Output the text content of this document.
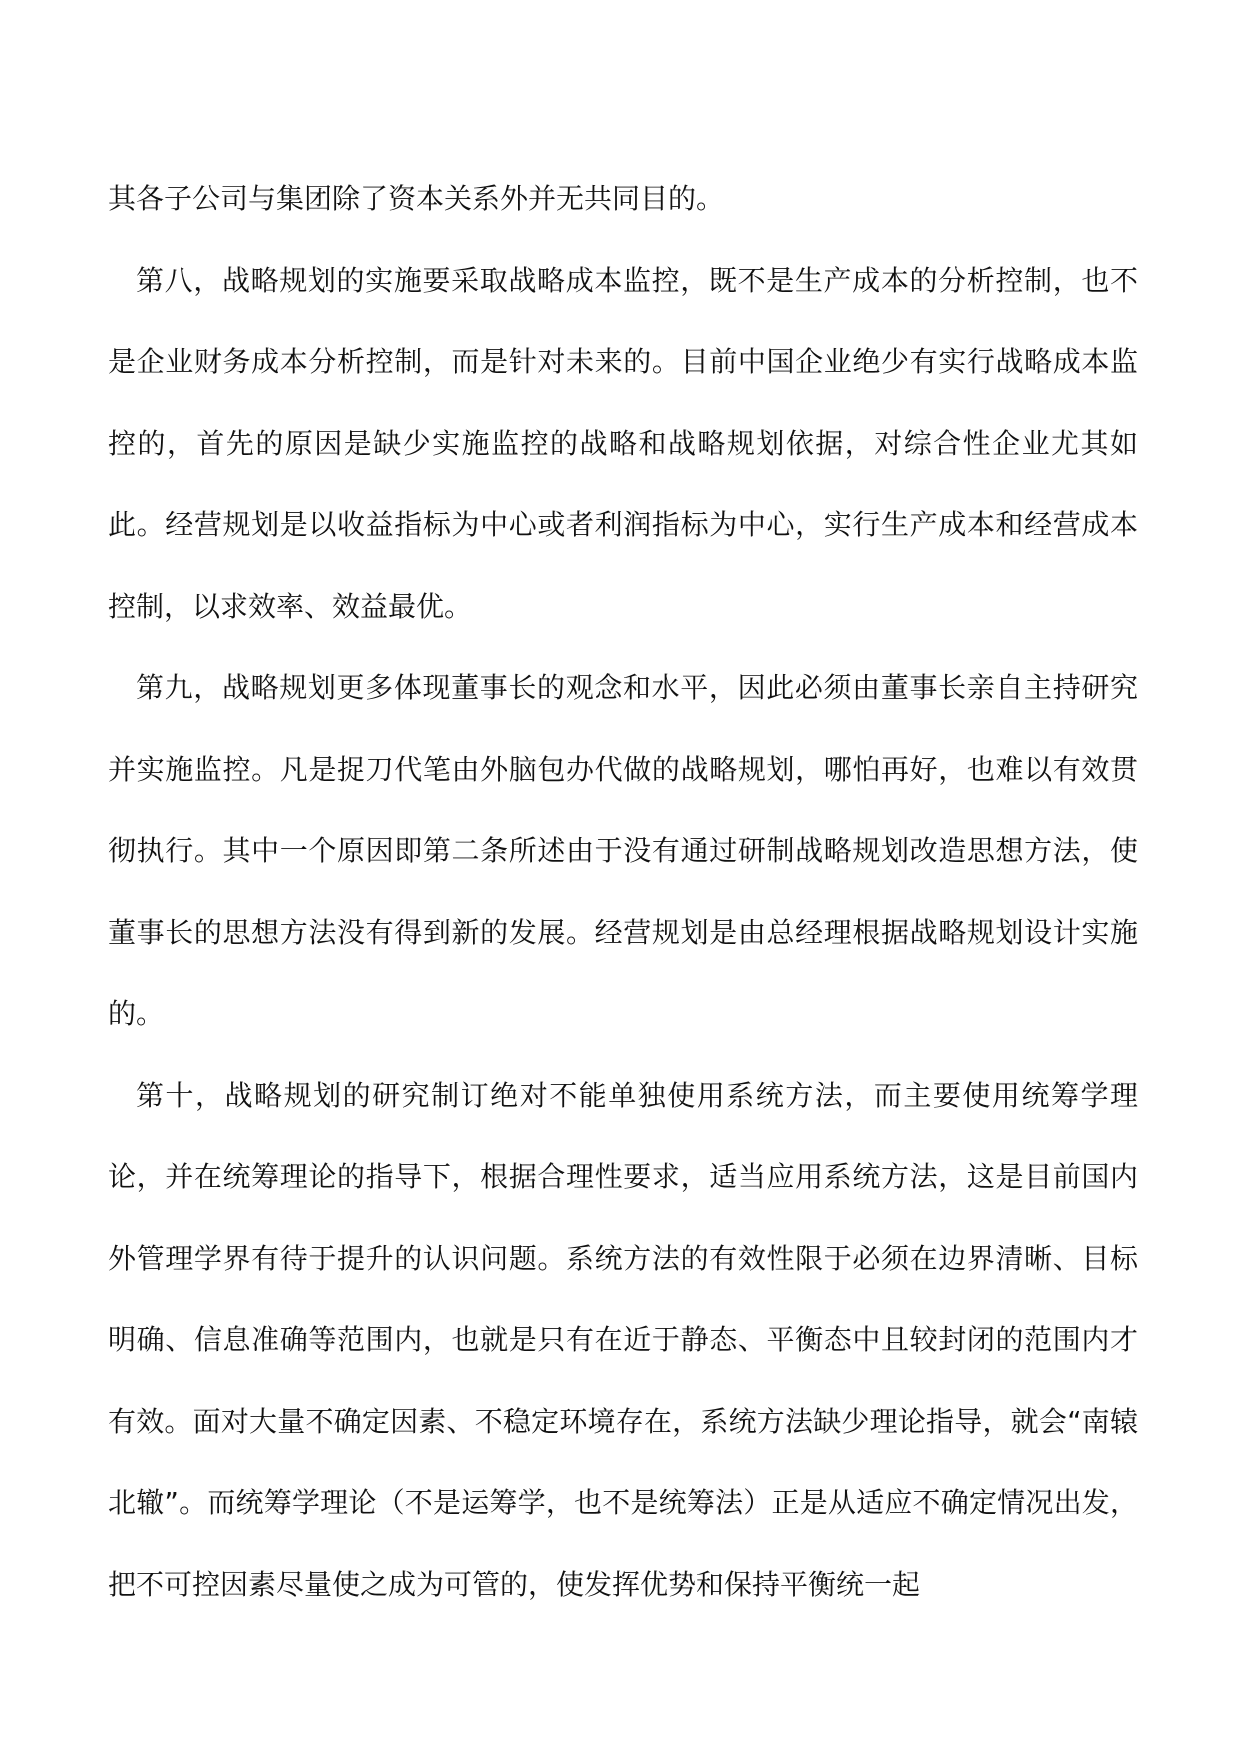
其各子公司与集团除了资本关系外并无共同目的。

第八，战略规划的实施要采取战略成本监控，既不是生产成本的分析控制，也不是企业财务成本分析控制，而是针对未来的。目前中国企业绝少有实行战略成本监控的，首先的原因是缺少实施监控的战略和战略规划依据，对综合性企业尤其如此。经营规划是以收益指标为中心或者利润指标为中心，实行生产成本和经营成本控制，以求效率、效益最优。

第九，战略规划更多体现董事长的观念和水平，因此必须由董事长亲自主持研究并实施监控。凡是捉刀代笔由外脑包办代做的战略规划，哪怕再好，也难以有效贯彻执行。其中一个原因即第二条所述由于没有通过研制战略规划改造思想方法，使董事长的思想方法没有得到新的发展。经营规划是由总经理根据战略规划设计实施的。

第十，战略规划的研究制订绝对不能单独使用系统方法，而主要使用统筹学理论，并在统筹理论的指导下，根据合理性要求，适当应用系统方法，这是目前国内外管理学界有待于提升的认识问题。系统方法的有效性限于必须在边界清晰、目标明确、信息准确等范围内，也就是只有在近于静态、平衡态中且较封闭的范围内才有效。面对大量不确定因素、不稳定环境存在，系统方法缺少理论指导，就会“南辕北辙”。而统筹学理论（不是运筹学，也不是统筹法）正是从适应不确定情况出发，把不可控因素尽量使之成为可管的，使发挥优势和保持平衡统一起
